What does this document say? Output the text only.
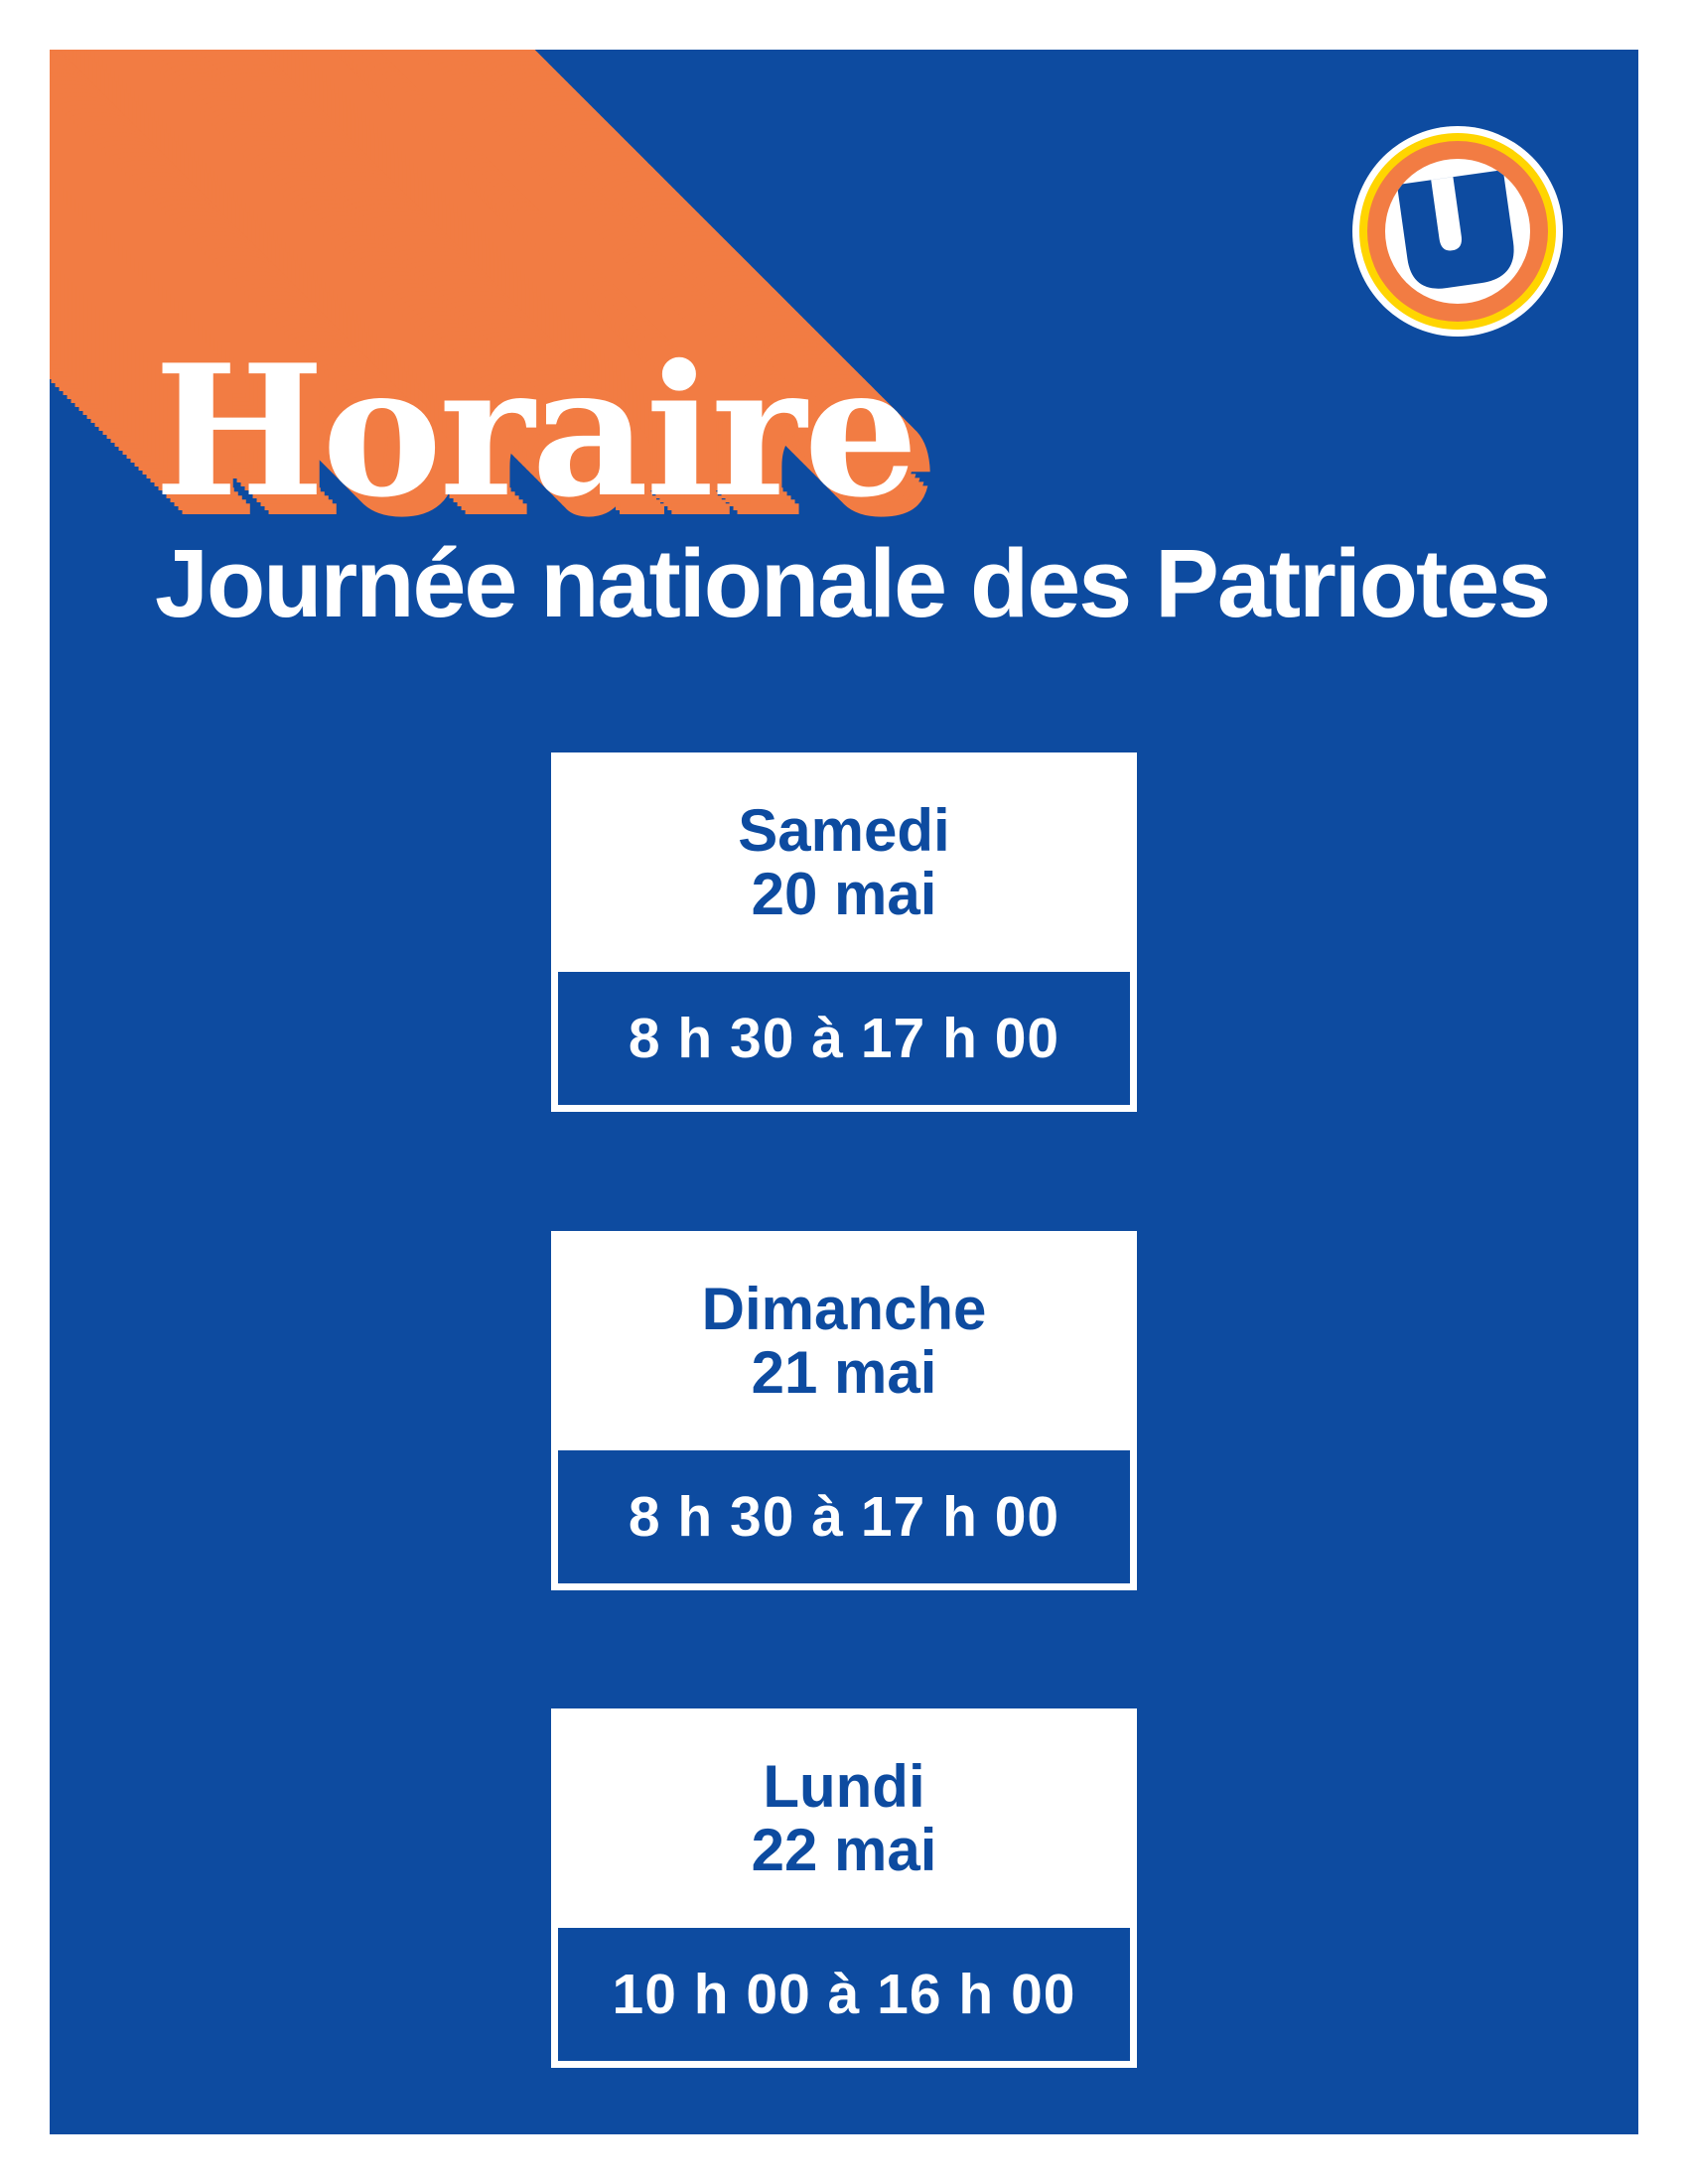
Horaire
Journée nationale des Patriotes
Samedi
20 mai
8 h 30 à 17 h 00
Dimanche
21 mai
8 h 30 à 17 h 00
Lundi
22 mai
10 h 00 à 16 h 00
